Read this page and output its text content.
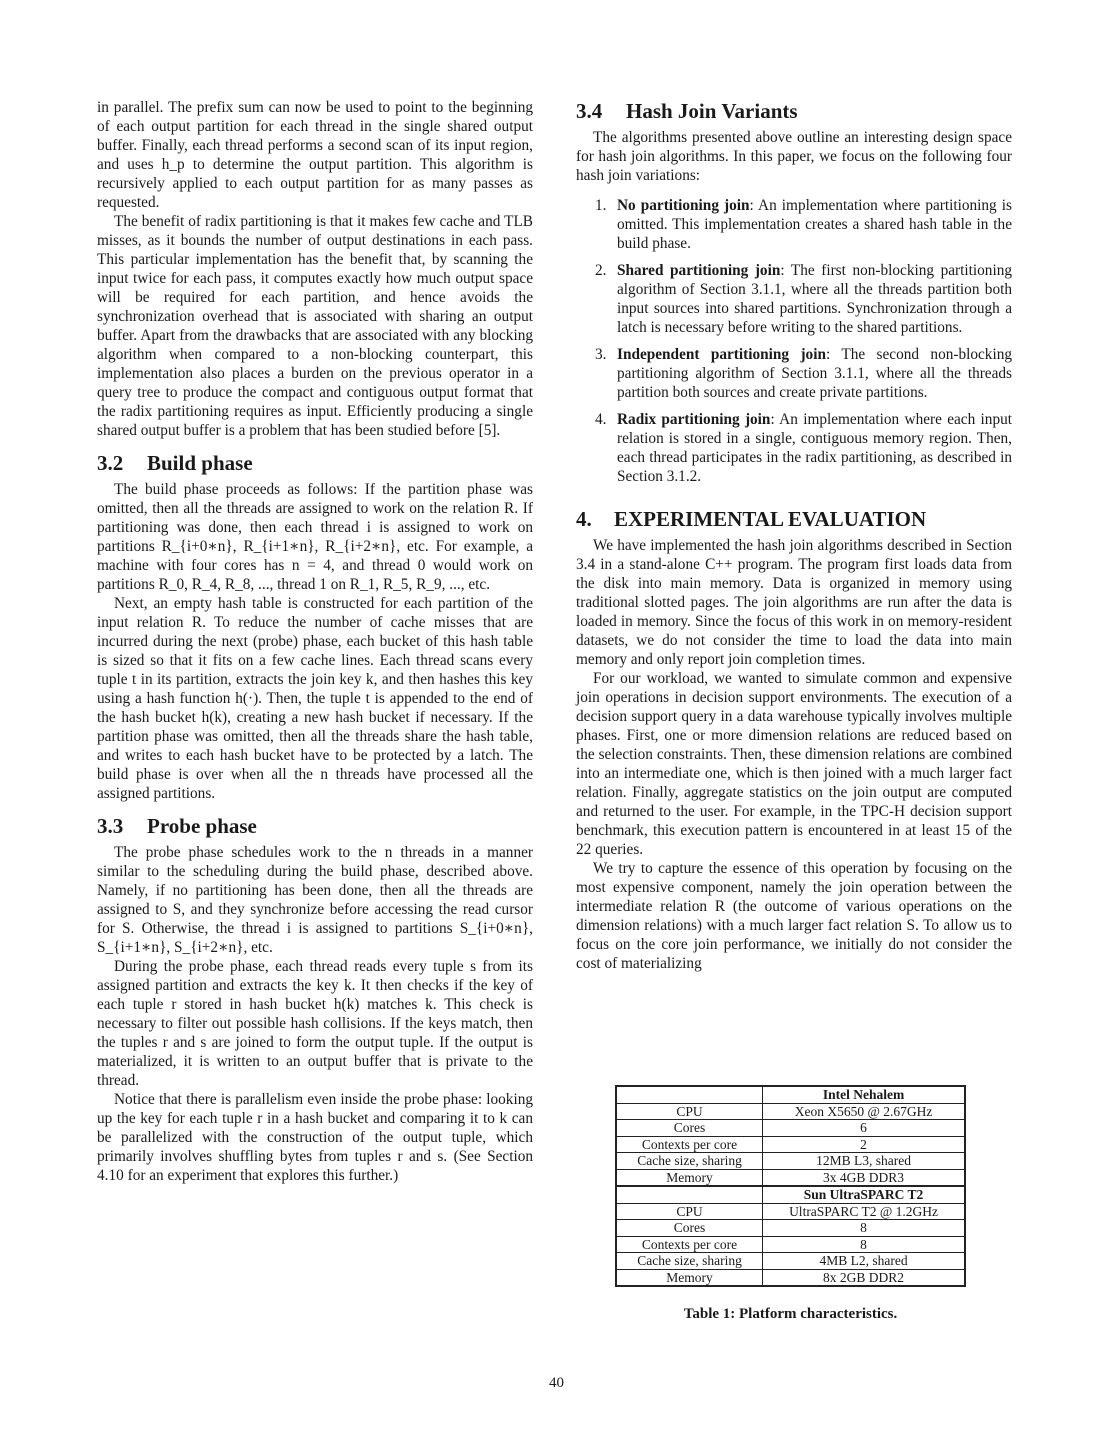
in parallel. The prefix sum can now be used to point to the beginning of each output partition for each thread in the single shared output buffer. Finally, each thread performs a second scan of its input region, and uses h_p to determine the output partition. This algorithm is recursively applied to each output partition for as many passes as requested.

The benefit of radix partitioning is that it makes few cache and TLB misses, as it bounds the number of output destinations in each pass. This particular implementation has the benefit that, by scanning the input twice for each pass, it computes exactly how much output space will be required for each partition, and hence avoids the synchronization overhead that is associated with sharing an output buffer. Apart from the drawbacks that are associated with any blocking algorithm when compared to a non-blocking counterpart, this implementation also places a burden on the previous operator in a query tree to produce the compact and contiguous output format that the radix partitioning requires as input. Efficiently producing a single shared output buffer is a problem that has been studied before [5].

3.2 Build phase

The build phase proceeds as follows: If the partition phase was omitted, then all the threads are assigned to work on the relation R. If partitioning was done, then each thread i is assigned to work on partitions R_{i+0∗n}, R_{i+1∗n}, R_{i+2∗n}, etc. For example, a machine with four cores has n = 4, and thread 0 would work on partitions R_0, R_4, R_8, ..., thread 1 on R_1, R_5, R_9, ..., etc.

Next, an empty hash table is constructed for each partition of the input relation R. To reduce the number of cache misses that are incurred during the next (probe) phase, each bucket of this hash table is sized so that it fits on a few cache lines. Each thread scans every tuple t in its partition, extracts the join key k, and then hashes this key using a hash function h(·). Then, the tuple t is appended to the end of the hash bucket h(k), creating a new hash bucket if necessary. If the partition phase was omitted, then all the threads share the hash table, and writes to each hash bucket have to be protected by a latch. The build phase is over when all the n threads have processed all the assigned partitions.

3.3 Probe phase

The probe phase schedules work to the n threads in a manner similar to the scheduling during the build phase, described above. Namely, if no partitioning has been done, then all the threads are assigned to S, and they synchronize before accessing the read cursor for S. Otherwise, the thread i is assigned to partitions S_{i+0∗n}, S_{i+1∗n}, S_{i+2∗n}, etc.

During the probe phase, each thread reads every tuple s from its assigned partition and extracts the key k. It then checks if the key of each tuple r stored in hash bucket h(k) matches k. This check is necessary to filter out possible hash collisions. If the keys match, then the tuples r and s are joined to form the output tuple. If the output is materialized, it is written to an output buffer that is private to the thread.

Notice that there is parallelism even inside the probe phase: looking up the key for each tuple r in a hash bucket and comparing it to k can be parallelized with the construction of the output tuple, which primarily involves shuffling bytes from tuples r and s. (See Section 4.10 for an experiment that explores this further.)

3.4 Hash Join Variants

The algorithms presented above outline an interesting design space for hash join algorithms. In this paper, we focus on the following four hash join variations:

1. No partitioning join: An implementation where partitioning is omitted. This implementation creates a shared hash table in the build phase.
2. Shared partitioning join: The first non-blocking partitioning algorithm of Section 3.1.1, where all the threads partition both input sources into shared partitions. Synchronization through a latch is necessary before writing to the shared partitions.
3. Independent partitioning join: The second non-blocking partitioning algorithm of Section 3.1.1, where all the threads partition both sources and create private partitions.
4. Radix partitioning join: An implementation where each input relation is stored in a single, contiguous memory region. Then, each thread participates in the radix partitioning, as described in Section 3.1.2.
4. EXPERIMENTAL EVALUATION

We have implemented the hash join algorithms described in Section 3.4 in a stand-alone C++ program. The program first loads data from the disk into main memory. Data is organized in memory using traditional slotted pages. The join algorithms are run after the data is loaded in memory. Since the focus of this work in on memory-resident datasets, we do not consider the time to load the data into main memory and only report join completion times.

For our workload, we wanted to simulate common and expensive join operations in decision support environments. The execution of a decision support query in a data warehouse typically involves multiple phases. First, one or more dimension relations are reduced based on the selection constraints. Then, these dimension relations are combined into an intermediate one, which is then joined with a much larger fact relation. Finally, aggregate statistics on the join output are computed and returned to the user. For example, in the TPC-H decision support benchmark, this execution pattern is encountered in at least 15 of the 22 queries.

We try to capture the essence of this operation by focusing on the most expensive component, namely the join operation between the intermediate relation R (the outcome of various operations on the dimension relations) with a much larger fact relation S. To allow us to focus on the core join performance, we initially do not consider the cost of materializing

	Intel Nehalem
CPU	Xeon X5650 @ 2.67GHz
Cores	6
Contexts per core	2
Cache size, sharing	12MB L3, shared
Memory	3x 4GB DDR3
	Sun UltraSPARC T2
CPU	UltraSPARC T2 @ 1.2GHz
Cores	8
Contexts per core	8
Cache size, sharing	4MB L2, shared
Memory	8x 2GB DDR2
Table 1: Platform characteristics.
40
